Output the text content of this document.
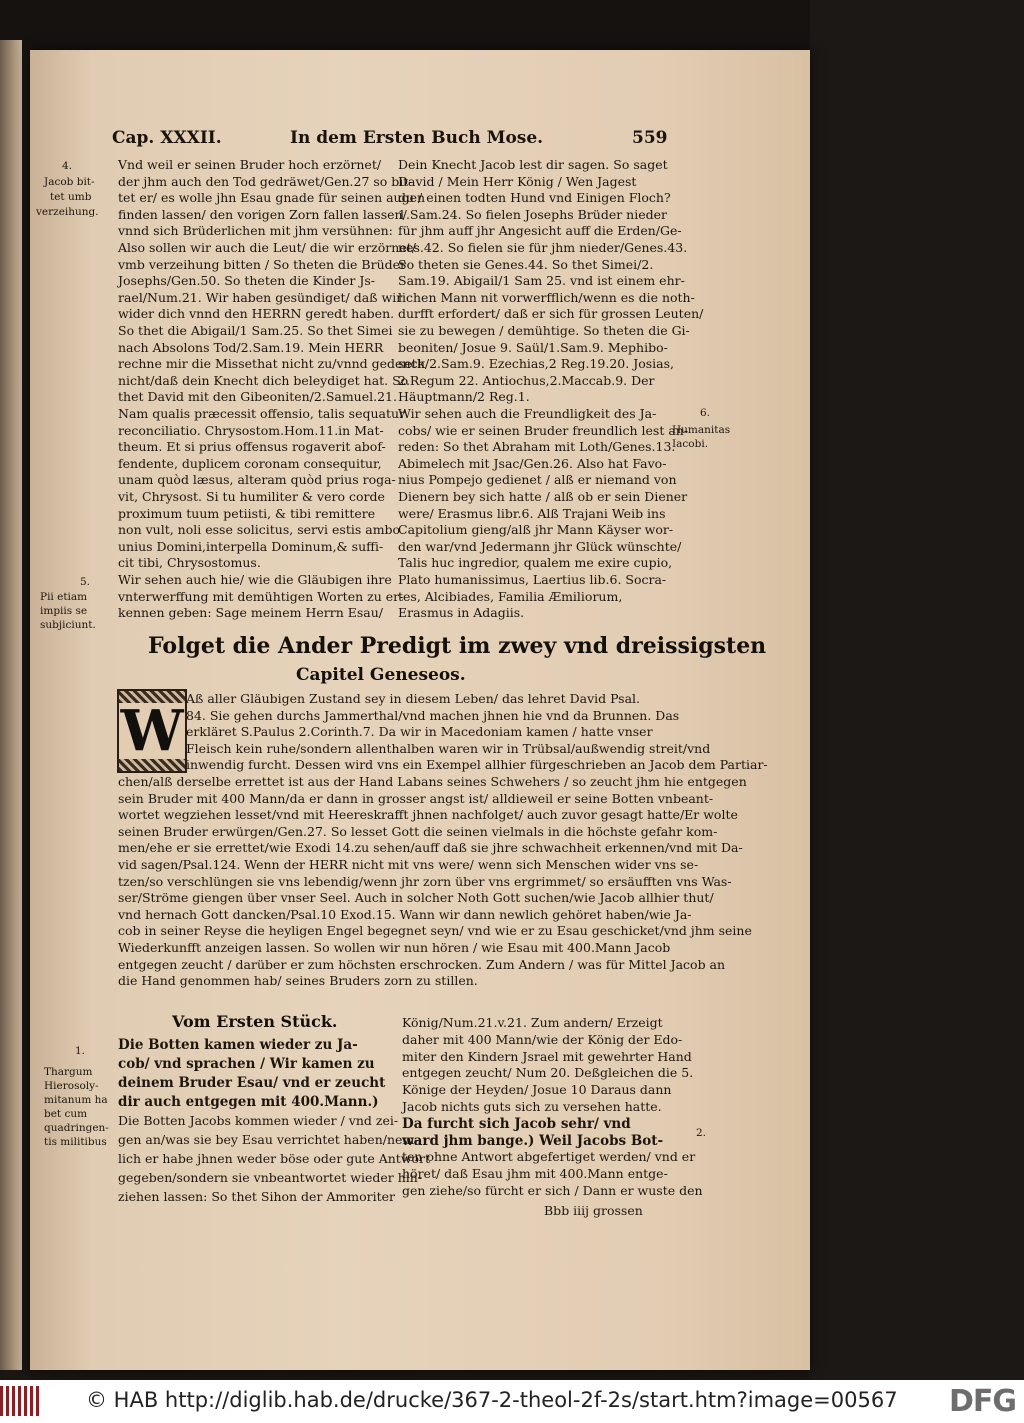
Cap. XXXII.	In dem Ersten Buch Mose.	559
4.
Jacob bit-
tet umb
verzeihung.
5.
Pii etiam
impiis se
subjiciunt.
1.
Thargum
Hierosoly-
mitanum ha
bet cum
quadringen-
tis militibus
6.
Humanitas
Iacobi.
2.
Vnd weil er seinen Bruder hoch erzörnet/
der jhm auch den Tod gedräwet/Gen.27 so bit-
tet er/ es wolle jhn Esau gnade für seinen augen
finden lassen/ den vorigen Zorn fallen lassen/
vnnd sich Brüderlichen mit jhm versühnen:
Also sollen wir auch die Leut/ die wir erzörnet/
vmb verzeihung bitten / So theten die Brüder
Josephs/Gen.50. So theten die Kinder Js-
rael/Num.21. Wir haben gesündiget/ daß wir
wider dich vnnd den HERRN geredt haben.
So thet die Abigail/1 Sam.25. So thet Simei
nach Absolons Tod/2.Sam.19. Mein HERR
rechne mir die Missethat nicht zu/vnnd gedenck
nicht/daß dein Knecht dich beleydiget hat. So
thet David mit den Gibeoniten/2.Samuel.21.
Nam qualis præcessit offensio, talis sequatur
reconciliatio. Chrysostom.Hom.11.in Mat-
theum. Et si prius offensus rogaverit abof-
fendente, duplicem coronam consequitur,
unam quòd læsus, alteram quòd prius roga-
vit, Chrysost. Si tu humiliter & vero corde
proximum tuum petiisti, & tibi remittere
non vult, noli esse solicitus, servi estis ambo
unius Domini,interpella Dominum,& suffi-
cit tibi, Chrysostomus.
Wir sehen auch hie/ wie die Gläubigen ihre
vnterwerffung mit demühtigen Worten zu er-
kennen geben: Sage meinem Herrn Esau/
Dein Knecht Jacob lest dir sagen. So saget
David / Mein Herr König / Wen Jagest
du / einen todten Hund vnd Einigen Floch?
1.Sam.24. So fielen Josephs Brüder nieder
für jhm auff jhr Angesicht auff die Erden/Ge-
nes.42. So fielen sie für jhm nieder/Genes.43.
So theten sie Genes.44. So thet Simei/2.
Sam.19. Abigail/1 Sam 25. vnd ist einem ehr-
lichen Mann nit vorwerfflich/wenn es die noth-
durfft erfordert/ daß er sich für grossen Leuten/
sie zu bewegen / demühtige. So theten die Gi-
beoniten/ Josue 9. Saül/1.Sam.9. Mephibo-
seth/2.Sam.9. Ezechias,2 Reg.19.20. Josias,
2.Regum 22. Antiochus,2.Maccab.9. Der
Häuptmann/2 Reg.1.
Wir sehen auch die Freundligkeit des Ja-
cobs/ wie er seinen Bruder freundlich lest an-
reden: So thet Abraham mit Loth/Genes.13.
Abimelech mit Jsac/Gen.26. Also hat Favo-
nius Pompejo gedienet / alß er niemand von
Dienern bey sich hatte / alß ob er sein Diener
were/ Erasmus libr.6. Alß Trajani Weib ins
Capitolium gieng/alß jhr Mann Käyser wor-
den war/vnd Jedermann jhr Glück wünschte/
Talis huc ingredior, qualem me exire cupio,
Plato humanissimus, Laertius lib.6. Socra-
tes, Alcibiades, Familia Æmiliorum,
Erasmus in Adagiis.
Folget die Ander Predigt im zwey vnd dreissigsten
Capitel Geneseos.
W Aß aller Gläubigen Zustand sey in diesem Leben/ das lehret David Psal.
84. Sie gehen durchs Jammerthal/vnd machen jhnen hie vnd da Brunnen. Das
erkläret S.Paulus 2.Corinth.7. Da wir in Macedoniam kamen / hatte vnser
Fleisch kein ruhe/sondern allenthalben waren wir in Trübsal/außwendig streit/vnd
inwendig furcht. Dessen wird vns ein Exempel allhier fürgeschrieben an Jacob dem Partiar-
chen/alß derselbe errettet ist aus der Hand Labans seines Schwehers / so zeucht jhm hie entgegen
sein Bruder mit 400 Mann/da er dann in grosser angst ist/ alldieweil er seine Botten vnbeant-
wortet wegziehen lesset/vnd mit Heereskrafft jhnen nachfolget/ auch zuvor gesagt hatte/Er wolte
seinen Bruder erwürgen/Gen.27. So lesset Gott die seinen vielmals in die höchste gefahr kom-
men/ehe er sie errettet/wie Exodi 14.zu sehen/auff daß sie jhre schwachheit erkennen/vnd mit Da-
vid sagen/Psal.124. Wenn der HERR nicht mit vns were/ wenn sich Menschen wider vns se-
tzen/so verschlüngen sie vns lebendig/wenn jhr zorn über vns ergrimmet/ so ersäufften vns Was-
ser/Ströme giengen über vnser Seel. Auch in solcher Noth Gott suchen/wie Jacob allhier thut/
vnd hernach Gott dancken/Psal.10 Exod.15. Wann wir dann newlich gehöret haben/wie Ja-
cob in seiner Reyse die heyligen Engel begegnet seyn/ vnd wie er zu Esau geschicket/vnd jhm seine
Wiederkunfft anzeigen lassen. So wollen wir nun hören / wie Esau mit 400.Mann Jacob
entgegen zeucht / darüber er zum höchsten erschrocken. Zum Andern / was für Mittel Jacob an
die Hand genommen hab/ seines Bruders zorn zu stillen.
Vom Ersten Stück.
Die Botten kamen wieder zu Ja-
cob/ vnd sprachen / Wir kamen zu
deinem Bruder Esau/ vnd er zeucht
dir auch entgegen mit 400.Mann.)
Die Botten Jacobs kommen wieder / vnd zei-
gen an/was sie bey Esau verrichtet haben/nem-
lich er habe jhnen weder böse oder gute Antwort
gegeben/sondern sie vnbeantwortet wieder hin-
ziehen lassen: So thet Sihon der Ammoriter
König/Num.21.v.21. Zum andern/ Erzeigt
daher mit 400 Mann/wie der König der Edo-
miter den Kindern Jsrael mit gewehrter Hand
entgegen zeucht/ Num 20. Deßgleichen die 5.
Könige der Heyden/ Josue 10 Daraus dann
Jacob nichts guts sich zu versehen hatte.
Da furcht sich Jacob sehr/ vnd
ward jhm bange.) Weil Jacobs Bot-
ten ohne Antwort abgefertiget werden/ vnd er
höret/ daß Esau jhm mit 400.Mann entge-
gen ziehe/so fürcht er sich / Dann er wuste den
Bbb iiij grossen
© HAB http://diglib.hab.de/drucke/367-2-theol-2f-2s/start.htm?image=00567 DFG
